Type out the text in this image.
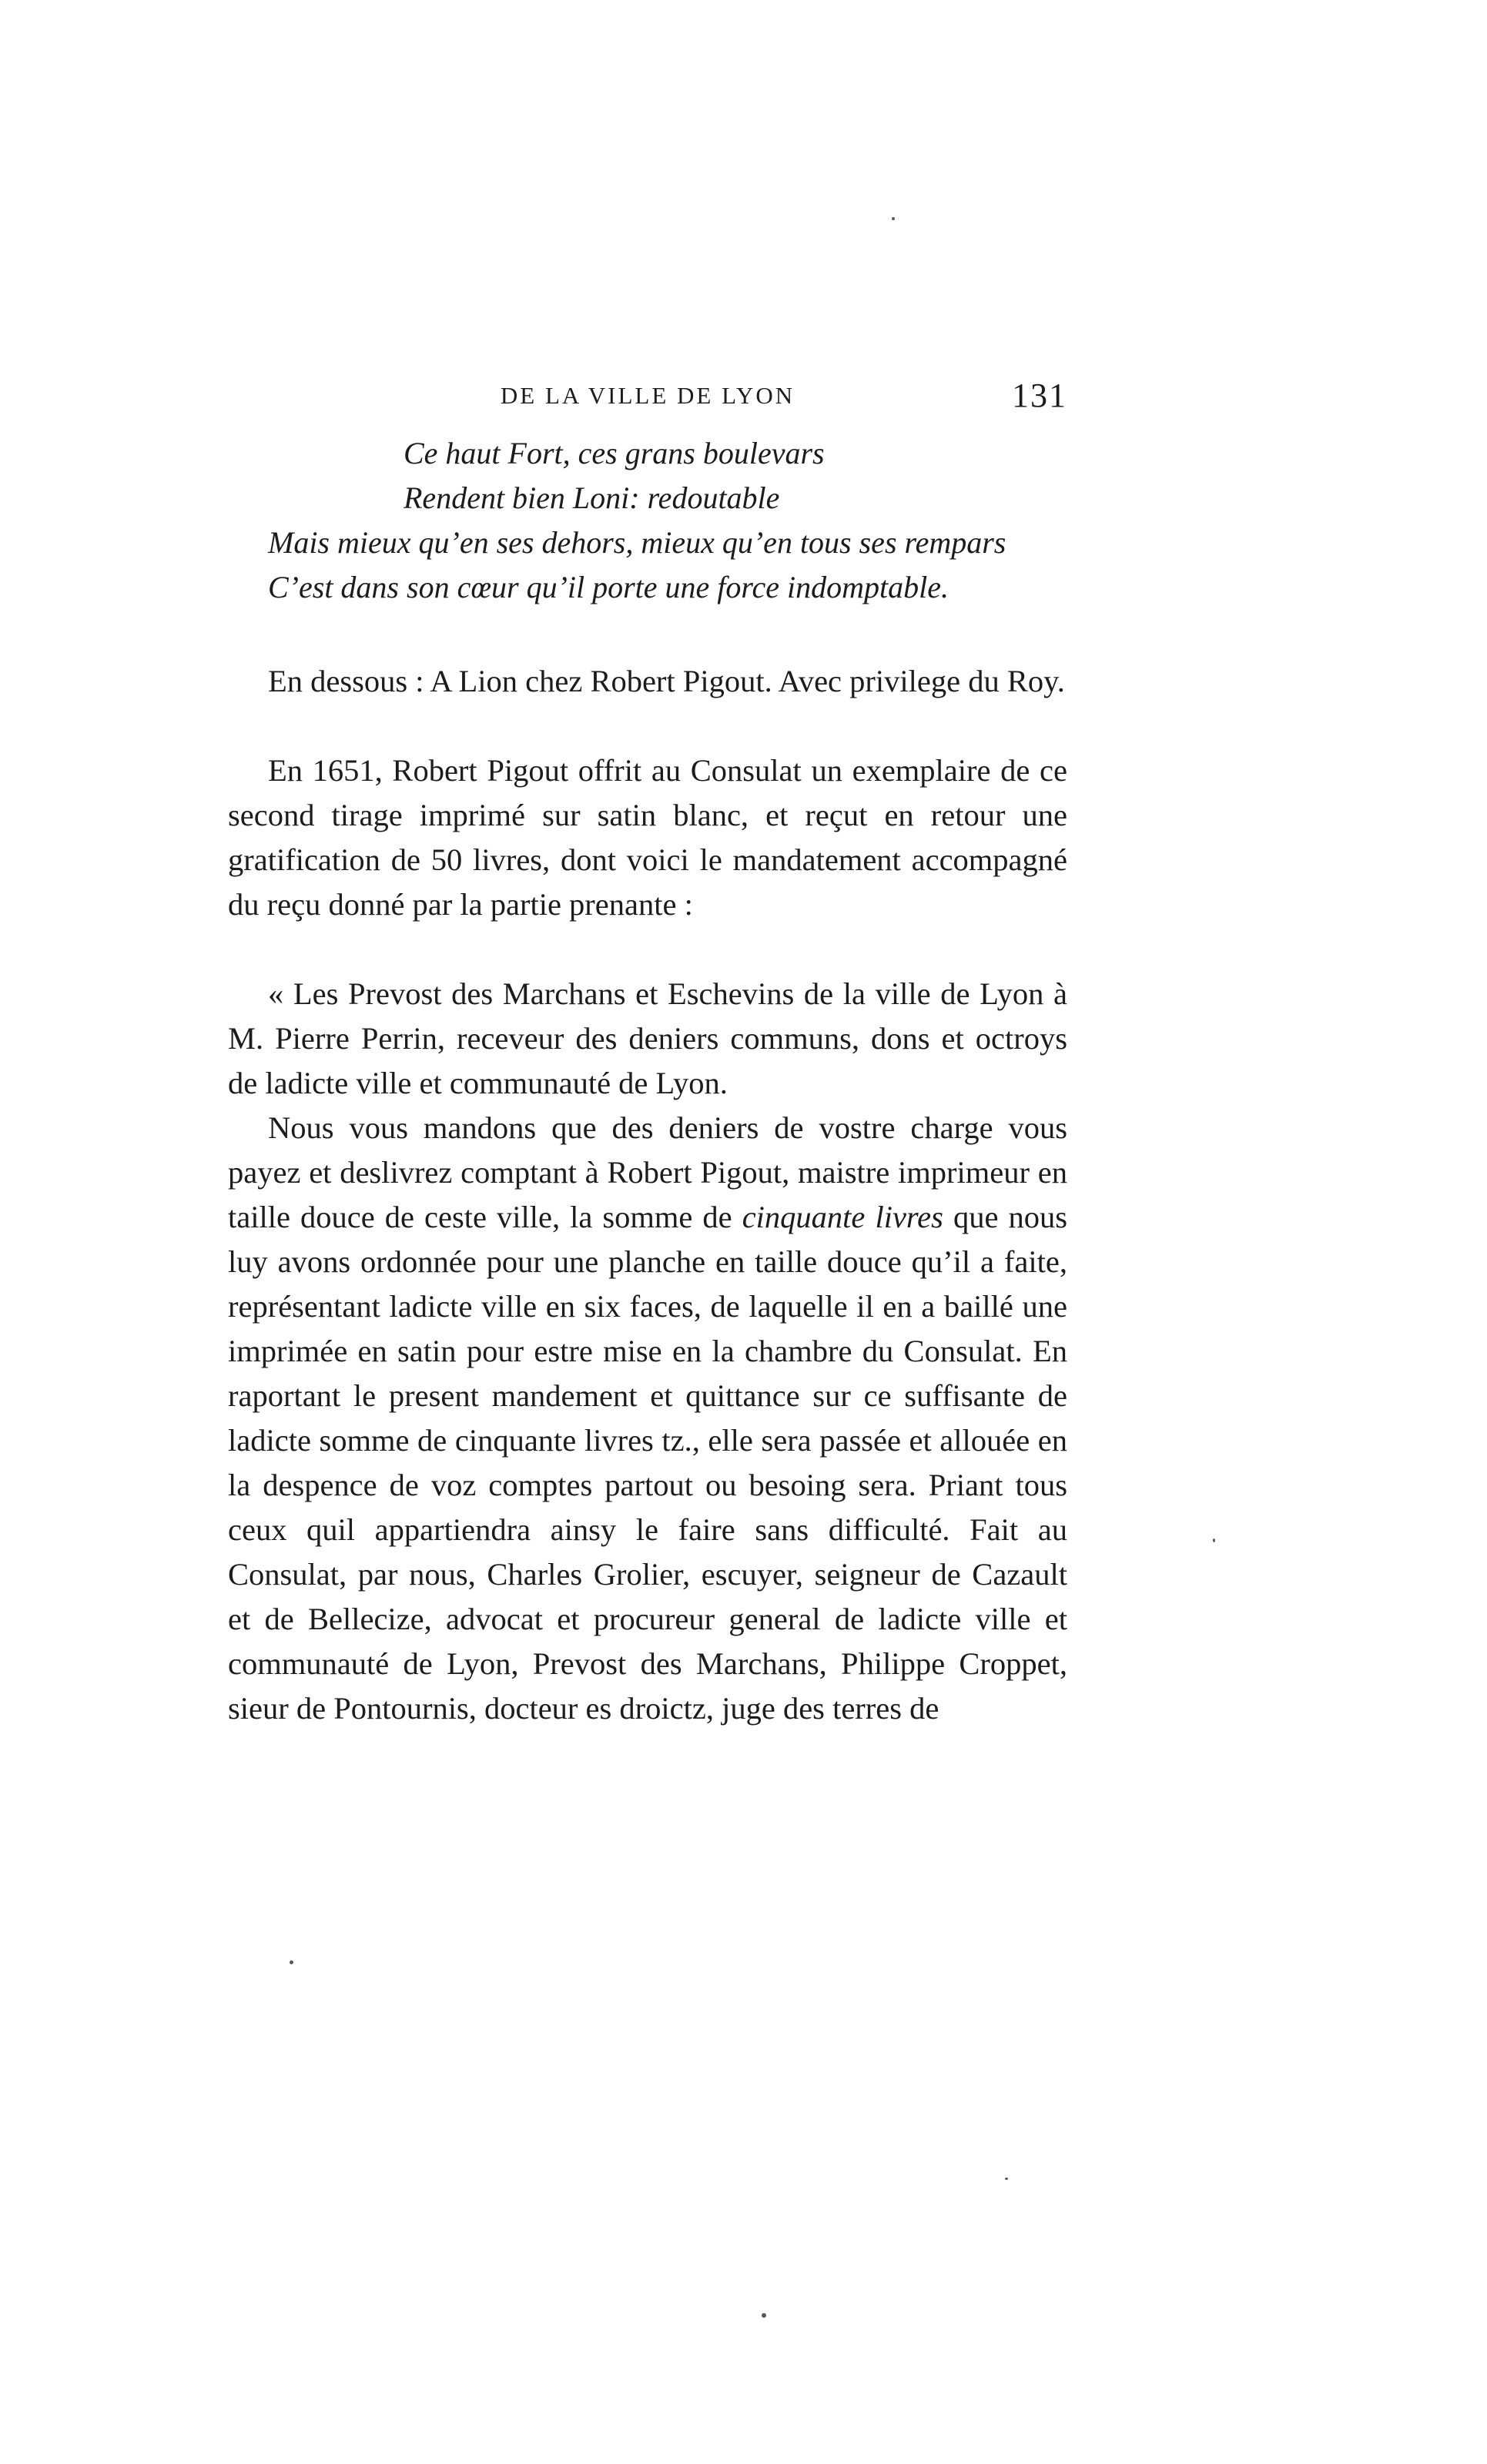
DE LA VILLE DE LYON	131
Ce haut Fort, ces grans boulevars
Rendent bien Loni: redoutable
Mais mieux qu’en ses dehors, mieux qu’en tous ses rempars
C’est dans son cœur qu’il porte une force indomptable.

En dessous : A Lion chez Robert Pigout. Avec privilege du Roy.

En 1651, Robert Pigout offrit au Consulat un exemplaire de ce second tirage imprimé sur satin blanc, et reçut en retour une gratification de 50 livres, dont voici le mandatement accompagné du reçu donné par la partie prenante :

« Les Prevost des Marchans et Eschevins de la ville de Lyon à M. Pierre Perrin, receveur des deniers communs, dons et octroys de ladicte ville et communauté de Lyon.

Nous vous mandons que des deniers de vostre charge vous payez et deslivrez comptant à Robert Pigout, maistre imprimeur en taille douce de ceste ville, la somme de cinquante livres que nous luy avons ordonnée pour une planche en taille douce qu’il a faite, représentant ladicte ville en six faces, de laquelle il en a baillé une imprimée en satin pour estre mise en la chambre du Consulat. En raportant le present mandement et quittance sur ce suffisante de ladicte somme de cinquante livres tz., elle sera passée et allouée en la despence de voz comptes partout ou besoing sera. Priant tous ceux quil appartiendra ainsy le faire sans difficulté. Fait au Consulat, par nous, Charles Grolier, escuyer, seigneur de Cazault et de Bellecize, advocat et procureur general de ladicte ville et communauté de Lyon, Prevost des Marchans, Philippe Croppet, sieur de Pontournis, docteur es droictz, juge des terres de
